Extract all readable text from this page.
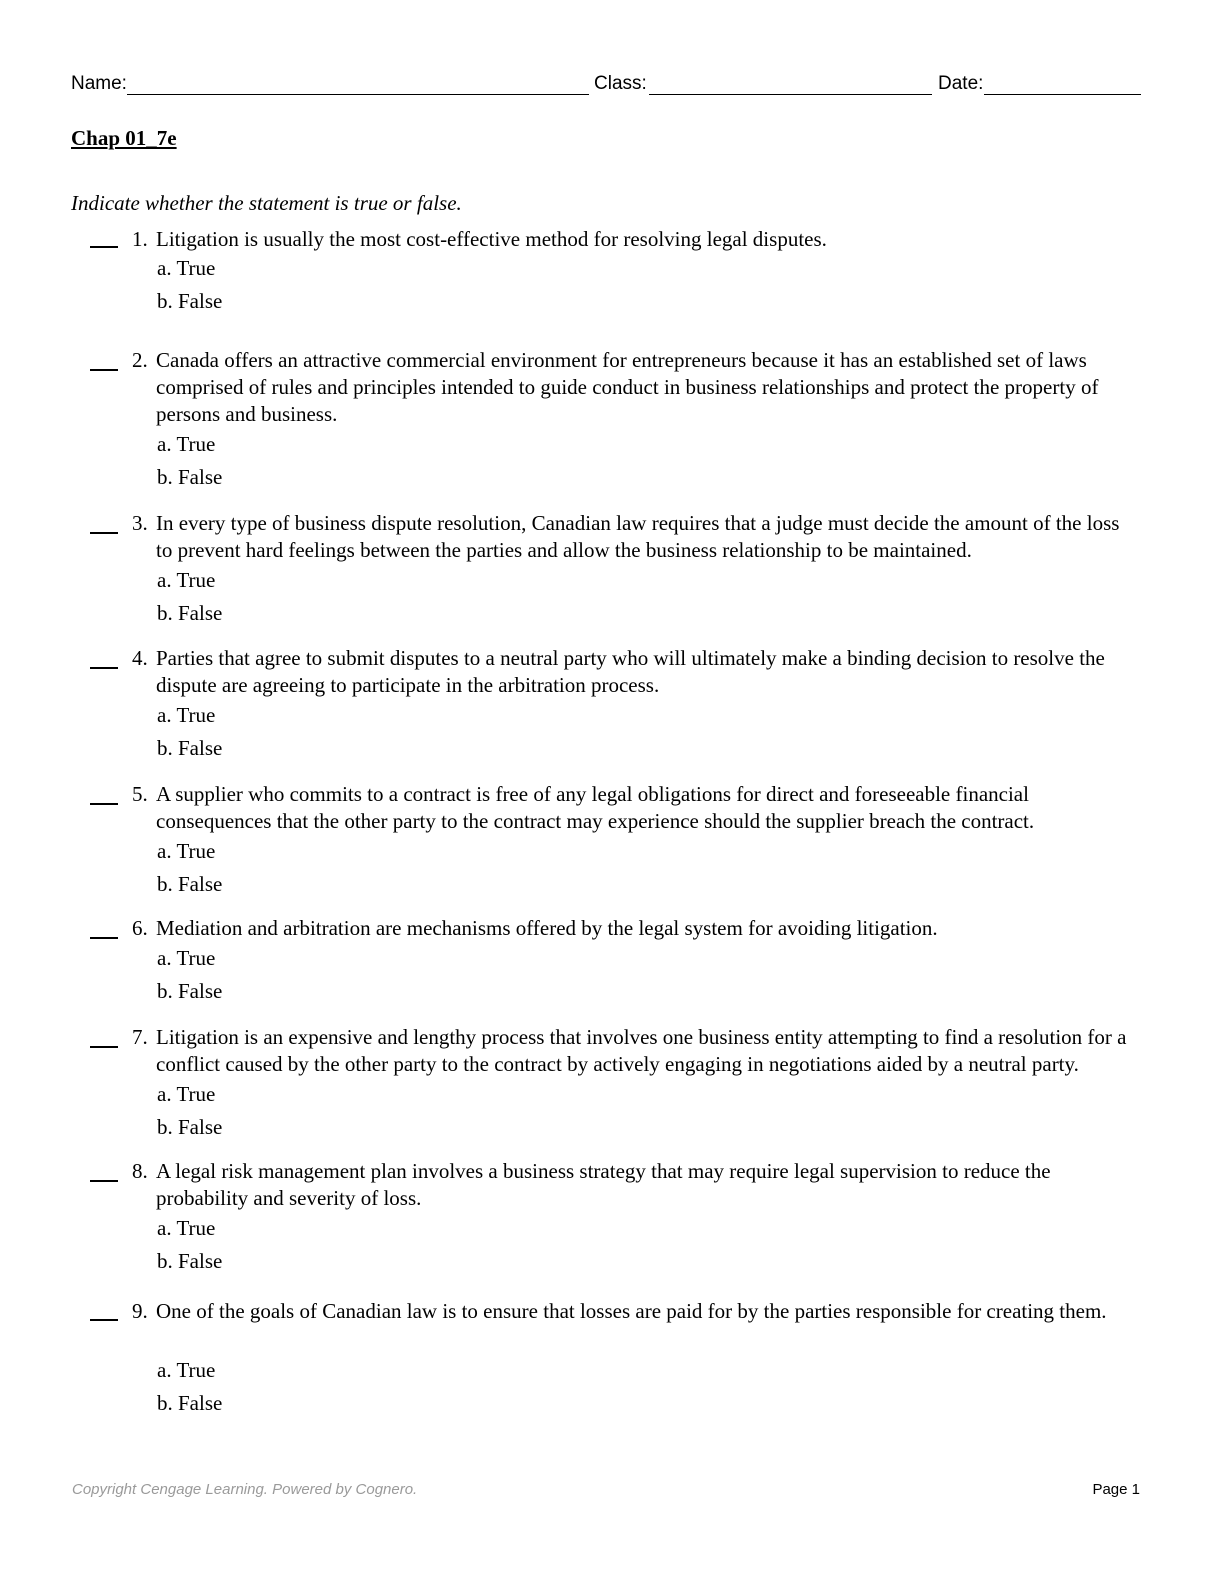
Name:	Class:	Date:
Chap 01_7e
Indicate whether the statement is true or false.
1. Litigation is usually the most cost-effective method for resolving legal disputes.
a. True
b. False
2. Canada offers an attractive commercial environment for entrepreneurs because it has an established set of laws comprised of rules and principles intended to guide conduct in business relationships and protect the property of persons and business.
a. True
b. False
3. In every type of business dispute resolution, Canadian law requires that a judge must decide the amount of the loss to prevent hard feelings between the parties and allow the business relationship to be maintained.
a. True
b. False
4. Parties that agree to submit disputes to a neutral party who will ultimately make a binding decision to resolve the dispute are agreeing to participate in the arbitration process.
a. True
b. False
5. A supplier who commits to a contract is free of any legal obligations for direct and foreseeable financial consequences that the other party to the contract may experience should the supplier breach the contract.
a. True
b. False
6. Mediation and arbitration are mechanisms offered by the legal system for avoiding litigation.
a. True
b. False
7. Litigation is an expensive and lengthy process that involves one business entity attempting to find a resolution for a conflict caused by the other party to the contract by actively engaging in negotiations aided by a neutral party.
a. True
b. False
8. A legal risk management plan involves a business strategy that may require legal supervision to reduce the probability and severity of loss.
a. True
b. False
9. One of the goals of Canadian law is to ensure that losses are paid for by the parties responsible for creating them.
a. True
b. False
Copyright Cengage Learning. Powered by Cognero.	Page 1
